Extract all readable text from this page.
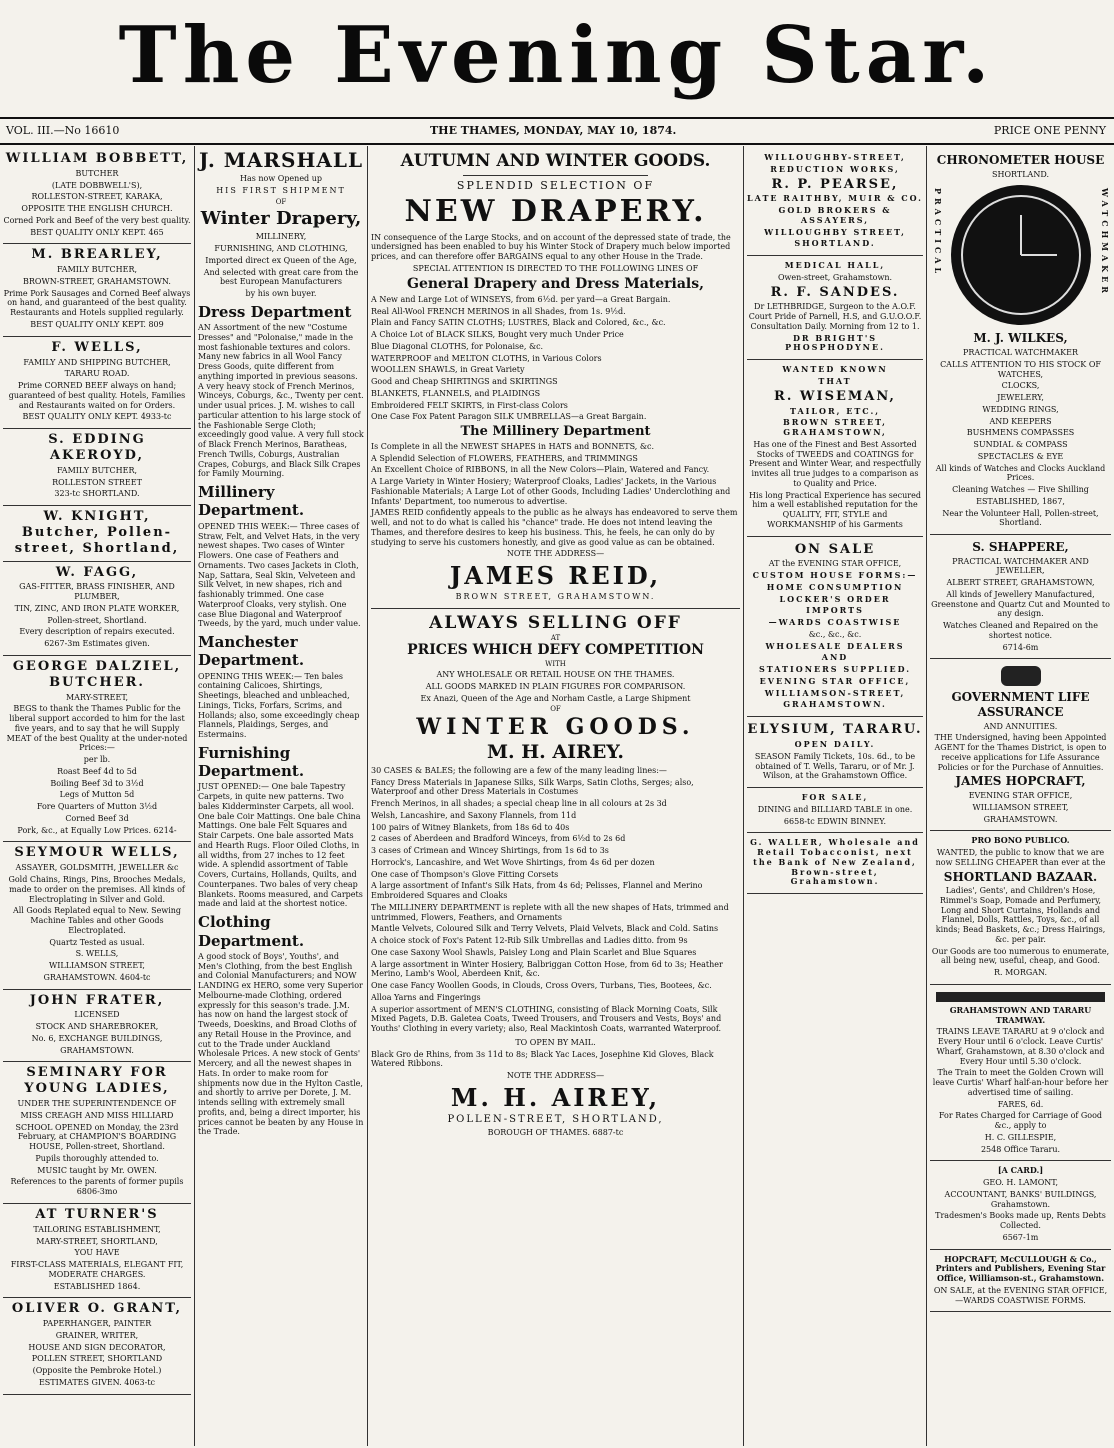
The Evening Star.
VOL. III.—No 16610	THE THAMES, MONDAY, MAY 10, 1874.	PRICE ONE PENNY
WILLIAM BOBBETT,
BUTCHER
(LATE DOBBWELL'S),
ROLLESTON-STREET, KARAKA,
OPPOSITE THE ENGLISH CHURCH.
Corned Pork and Beef of the very best quality.
BEST QUALITY ONLY KEPT. 465
M. BREARLEY,
FAMILY BUTCHER,
BROWN-STREET, GRAHAMSTOWN.
Prime Pork Sausages and Corned Beef always on hand, and guaranteed of the best quality. Restaurants and Hotels supplied regularly.
BEST QUALITY ONLY KEPT. 809
F. WELLS,
FAMILY AND SHIPPING BUTCHER,
TARARU ROAD.
Prime CORNED BEEF always on hand; guaranteed of best quality. Hotels, Families and Restaurants waited on for Orders.
BEST QUALITY ONLY KEPT. 4933-tc
S. EDDING AKEROYD,
FAMILY BUTCHER,
ROLLESTON STREET
323-tc SHORTLAND.
W. KNIGHT, Butcher, Pollen-street, Shortland,
W. FAGG,
GAS-FITTER, BRASS FINISHER, AND PLUMBER,
TIN, ZINC, AND IRON PLATE WORKER,
Pollen-street, Shortland.
Every description of repairs executed.
6267-3m Estimates given.
GEORGE DALZIEL, BUTCHER.
MARY-STREET,
BEGS to thank the Thames Public for the liberal support accorded to him for the last five years, and to say that he will Supply MEAT of the best Quality at the under-noted Prices:—
per lb.
Roast Beef 4d to 5d
Boiling Beef 3d to 3½d
Legs of Mutton 5d
Fore Quarters of Mutton 3½d
Corned Beef 3d
Pork, &c., at Equally Low Prices. 6214-
SEYMOUR WELLS,
ASSAYER, GOLDSMITH, JEWELLER &c
Gold Chains, Rings, Pins, Brooches Medals, made to order on the premises. All kinds of Electroplating in Silver and Gold.
All Goods Replated equal to New. Sewing Machine Tables and other Goods Electroplated.
Quartz Tested as usual.
S. WELLS,
WILLIAMSON STREET,
GRAHAMSTOWN. 4604-tc
JOHN FRATER,
LICENSED
STOCK AND SHAREBROKER,
No. 6, EXCHANGE BUILDINGS,
GRAHAMSTOWN.
SEMINARY FOR YOUNG LADIES,
UNDER THE SUPERINTENDENCE OF
MISS CREAGH AND MISS HILLIARD
SCHOOL OPENED on Monday, the 23rd February, at CHAMPION'S BOARDING HOUSE, Pollen-street, Shortland.
Pupils thoroughly attended to.
MUSIC taught by Mr. OWEN.
References to the parents of former pupils 6806-3mo
AT TURNER'S
TAILORING ESTABLISHMENT,
MARY-STREET, SHORTLAND,
YOU HAVE
FIRST-CLASS MATERIALS, ELEGANT FIT, MODERATE CHARGES.
ESTABLISHED 1864.
OLIVER O. GRANT,
PAPERHANGER, PAINTER
GRAINER, WRITER,
HOUSE AND SIGN DECORATOR,
POLLEN STREET, SHORTLAND
(Opposite the Pembroke Hotel.)
ESTIMATES GIVEN. 4063-tc
J. MARSHALL
Has now Opened up
HIS FIRST SHIPMENT
OF
Winter Drapery,
MILLINERY,
FURNISHING, AND CLOTHING,
Imported direct ex Queen of the Age,
And selected with great care from the best European Manufacturers
by his own buyer.
Dress Department
AN Assortment of the new "Costume Dresses" and "Polonaise," made in the most fashionable textures and colors. Many new fabrics in all Wool Fancy Dress Goods, quite different from anything imported in previous seasons. A very heavy stock of French Merinos, Winceys, Coburgs, &c., Twenty per cent. under usual prices. J. M. wishes to call particular attention to his large stock of the Fashionable Serge Cloth; exceedingly good value. A very full stock of Black French Merinos, Baratheas, French Twills, Coburgs, Australian Crapes, Coburgs, and Black Silk Crapes for Family Mourning.
Millinery Department.
OPENED THIS WEEK:— Three cases of Straw, Felt, and Velvet Hats, in the very newest shapes. Two cases of Winter Flowers. One case of Feathers and Ornaments. Two cases Jackets in Cloth, Nap, Sattara, Seal Skin, Velveteen and Silk Velvet, in new shapes, rich and fashionably trimmed. One case Waterproof Cloaks, very stylish. One case Blue Diagonal and Waterproof Tweeds, by the yard, much under value.
Manchester Department.
OPENING THIS WEEK:— Ten bales containing Calicoes, Shirtings, Sheetings, bleached and unbleached, Linings, Ticks, Forfars, Scrims, and Hollands; also, some exceedingly cheap Flannels, Plaidings, Serges, and Estermains.
Furnishing Department.
JUST OPENED:— One bale Tapestry Carpets, in quite new patterns. Two bales Kidderminster Carpets, all wool. One bale Coir Mattings. One bale China Mattings. One bale Felt Squares and Stair Carpets. One bale assorted Mats and Hearth Rugs. Floor Oiled Cloths, in all widths, from 27 inches to 12 feet wide. A splendid assortment of Table Covers, Curtains, Hollands, Quilts, and Counterpanes. Two bales of very cheap Blankets. Rooms measured, and Carpets made and laid at the shortest notice.
Clothing Department.
A good stock of Boys', Youths', and Men's Clothing, from the best English and Colonial Manufacturers; and NOW LANDING ex HERO, some very Superior Melbourne-made Clothing, ordered expressly for this season's trade. J.M. has now on hand the largest stock of Tweeds, Doeskins, and Broad Cloths of any Retail House in the Province, and cut to the Trade under Auckland Wholesale Prices. A new stock of Gents' Mercery, and all the newest shapes in Hats. In order to make room for shipments now due in the Hylton Castle, and shortly to arrive per Dorete, J. M. intends selling with extremely small profits, and, being a direct importer, his prices cannot be beaten by any House in the Trade.
AUTUMN AND WINTER GOODS.
SPLENDID SELECTION OF
NEW DRAPERY.
IN consequence of the Large Stocks, and on account of the depressed state of trade, the undersigned has been enabled to buy his Winter Stock of Drapery much below imported prices, and can therefore offer BARGAINS equal to any other House in the Trade.
SPECIAL ATTENTION IS DIRECTED TO THE FOLLOWING LINES OF
General Drapery and Dress Materials,
A New and Large Lot of WINSEYS, from 6½d. per yard—a Great Bargain.
Real All-Wool FRENCH MERINOS in all Shades, from 1s. 9½d.
Plain and Fancy SATIN CLOTHS; LUSTRES, Black and Colored, &c., &c.
A Choice Lot of BLACK SILKS, Bought very much Under Price
Blue Diagonal CLOTHS, for Polonaise, &c.
WATERPROOF and MELTON CLOTHS, in Various Colors
WOOLLEN SHAWLS, in Great Variety
Good and Cheap SHIRTINGS and SKIRTINGS
BLANKETS, FLANNELS, and PLAIDINGS
Embroidered FELT SKIRTS, in First-class Colors
One Case Fox Patent Paragon SILK UMBRELLAS—a Great Bargain.
The Millinery Department
Is Complete in all the NEWEST SHAPES in HATS and BONNETS, &c.
A Splendid Selection of FLOWERS, FEATHERS, and TRIMMINGS
An Excellent Choice of RIBBONS, in all the New Colors—Plain, Watered and Fancy.
A Large Variety in Winter Hosiery; Waterproof Cloaks, Ladies' Jackets, in the Various Fashionable Materials; A Large Lot of other Goods, Including Ladies' Underclothing and Infants' Department, too numerous to advertise.
JAMES REID confidently appeals to the public as he always has endeavored to serve them well, and not to do what is called his "chance" trade. He does not intend leaving the Thames, and therefore desires to keep his business. This, he feels, he can only do by studying to serve his customers honestly, and give as good value as can be obtained.
NOTE THE ADDRESS—
JAMES REID,
BROWN STREET, GRAHAMSTOWN.
ALWAYS SELLING OFF
AT
PRICES WHICH DEFY COMPETITION
WITH
ANY WHOLESALE OR RETAIL HOUSE ON THE THAMES.
ALL GOODS MARKED IN PLAIN FIGURES FOR COMPARISON.
Ex Anazi, Queen of the Age and Norham Castle, a Large Shipment
OF
WINTER GOODS.
M. H. AIREY.
30 CASES & BALES; the following are a few of the many leading lines:—
Fancy Dress Materials in Japanese Silks, Silk Warps, Satin Cloths, Serges; also, Waterproof and other Dress Materials in Costumes
French Merinos, in all shades; a special cheap line in all colours at 2s 3d
Welsh, Lancashire, and Saxony Flannels, from 11d
100 pairs of Witney Blankets, from 18s 6d to 40s
2 cases of Aberdeen and Bradford Winceys, from 6½d to 2s 6d
3 cases of Crimean and Wincey Shirtings, from 1s 6d to 3s
Horrock's, Lancashire, and Wet Wove Shirtings, from 4s 6d per dozen
One case of Thompson's Glove Fitting Corsets
A large assortment of Infant's Silk Hats, from 4s 6d; Pelisses, Flannel and Merino Embroidered Squares and Cloaks
The MILLINERY DEPARTMENT is replete with all the new shapes of Hats, trimmed and untrimmed, Flowers, Feathers, and Ornaments
Mantle Velvets, Coloured Silk and Terry Velvets, Plaid Velvets, Black and Cold. Satins
A choice stock of Fox's Patent 12-Rib Silk Umbrellas and Ladies ditto. from 9s
One case Saxony Wool Shawls, Paisley Long and Plain Scarlet and Blue Squares
A large assortment in Winter Hosiery, Balbriggan Cotton Hose, from 6d to 3s; Heather Merino, Lamb's Wool, Aberdeen Knit, &c.
One case Fancy Woollen Goods, in Clouds, Cross Overs, Turbans, Ties, Bootees, &c.
Alloa Yarns and Fingerings
A superior assortment of MEN'S CLOTHING, consisting of Black Morning Coats, Silk Mixed Pagets, D.B. Galetea Coats, Tweed Trousers, and Trousers and Vests, Boys' and Youths' Clothing in every variety; also, Real Mackintosh Coats, warranted Waterproof.
TO OPEN BY MAIL.
Black Gro de Rhins, from 3s 11d to 8s; Black Yac Laces, Josephine Kid Gloves, Black Watered Ribbons.
NOTE THE ADDRESS—
M. H. AIREY,
POLLEN-STREET, SHORTLAND,
BOROUGH OF THAMES. 6887-tc
WILLOUGHBY-STREET,
REDUCTION WORKS,
R. P. PEARSE,
LATE RAITHBY, MUIR & CO.
GOLD BROKERS & ASSAYERS,
WILLOUGHBY STREET,
SHORTLAND.
MEDICAL HALL,
Owen-street, Grahamstown.
R. F. SANDES.
Dr LETHBRIDGE, Surgeon to the A.O.F. Court Pride of Parnell, H.S, and G.U.O.O.F. Consultation Daily. Morning from 12 to 1.
DR BRIGHT'S PHOSPHODYNE.
WANTED KNOWN
THAT
R. WISEMAN,
TAILOR, ETC.,
BROWN STREET, GRAHAMSTOWN,
Has one of the Finest and Best Assorted Stocks of TWEEDS and COATINGS for Present and Winter Wear, and respectfully invites all true judges to a comparison as to Quality and Price.
His long Practical Experience has secured him a well established reputation for the QUALITY, FIT, STYLE and WORKMANSHIP of his Garments
ON SALE
AT the EVENING STAR OFFICE,
CUSTOM HOUSE FORMS:—
HOME CONSUMPTION
LOCKER'S ORDER
IMPORTS
—WARDS COASTWISE
&c., &c., &c.
WHOLESALE DEALERS
AND
STATIONERS SUPPLIED.
EVENING STAR OFFICE,
WILLIAMSON-STREET,
GRAHAMSTOWN.
ELYSIUM, TARARU.
OPEN DAILY.
SEASON Family Tickets, 10s. 6d., to be obtained of T. Wells, Tararu, or of Mr. J. Wilson, at the Grahamstown Office.
FOR SALE,
DINING and BILLIARD TABLE in one.
6658-tc EDWIN BINNEY.
G. WALLER, Wholesale and Retail Tobacconist, next the Bank of New Zealand, Brown-street, Grahamstown.
CHRONOMETER HOUSE
SHORTLAND.
PRACTICAL	WATCHMAKER
M. J. WILKES,
PRACTICAL WATCHMAKER
CALLS ATTENTION TO HIS STOCK OF WATCHES,
CLOCKS,
JEWELERY,
WEDDING RINGS,
AND KEEPERS
BUSHMENS COMPASSES
SUNDIAL & COMPASS
SPECTACLES & EYE
All kinds of Watches and Clocks Auckland Prices.
Cleaning Watches — Five Shilling
ESTABLISHED, 1867,
Near the Volunteer Hall, Pollen-street, Shortland.
S. SHAPPERE,
PRACTICAL WATCHMAKER AND JEWELLER,
ALBERT STREET, GRAHAMSTOWN,
All kinds of Jewellery Manufactured, Greenstone and Quartz Cut and Mounted to any design.
Watches Cleaned and Repaired on the shortest notice.
6714-6m
GOVERNMENT LIFE ASSURANCE
AND ANNUITIES.
THE Undersigned, having been Appointed AGENT for the Thames District, is open to receive applications for Life Assurance Policies or for the Purchase of Annuities.
JAMES HOPCRAFT,
EVENING STAR OFFICE,
WILLIAMSON STREET,
GRAHAMSTOWN.
PRO BONO PUBLICO.
WANTED, the public to know that we are now SELLING CHEAPER than ever at the
SHORTLAND BAZAAR.
Ladies', Gents', and Children's Hose, Rimmel's Soap, Pomade and Perfumery, Long and Short Curtains, Hollands and Flannel, Dolls, Rattles, Toys, &c., of all kinds; Bead Baskets, &c.; Dress Hairings, &c. per pair.
Our Goods are too numerous to enumerate, all being new, useful, cheap, and Good.
R. MORGAN.
GRAHAMSTOWN AND TARARU TRAMWAY.
TRAINS LEAVE TARARU at 9 o'clock and Every Hour until 6 o'clock. Leave Curtis' Wharf, Grahamstown, at 8.30 o'clock and Every Hour until 5.30 o'clock.
The Train to meet the Golden Crown will leave Curtis' Wharf half-an-hour before her advertised time of sailing.
FARES, 6d.
For Rates Charged for Carriage of Good &c., apply to
H. C. GILLESPIE,
2548 Office Tararu.
[A CARD.]
GEO. H. LAMONT,
ACCOUNTANT, BANKS' BUILDINGS, Grahamstown.
Tradesmen's Books made up, Rents Debts Collected.
6567-1m
HOPCRAFT, McCULLOUGH & Co., Printers and Publishers, Evening Star Office, Williamson-st., Grahamstown.
ON SALE, at the EVENING STAR OFFICE, —WARDS COASTWISE FORMS.
